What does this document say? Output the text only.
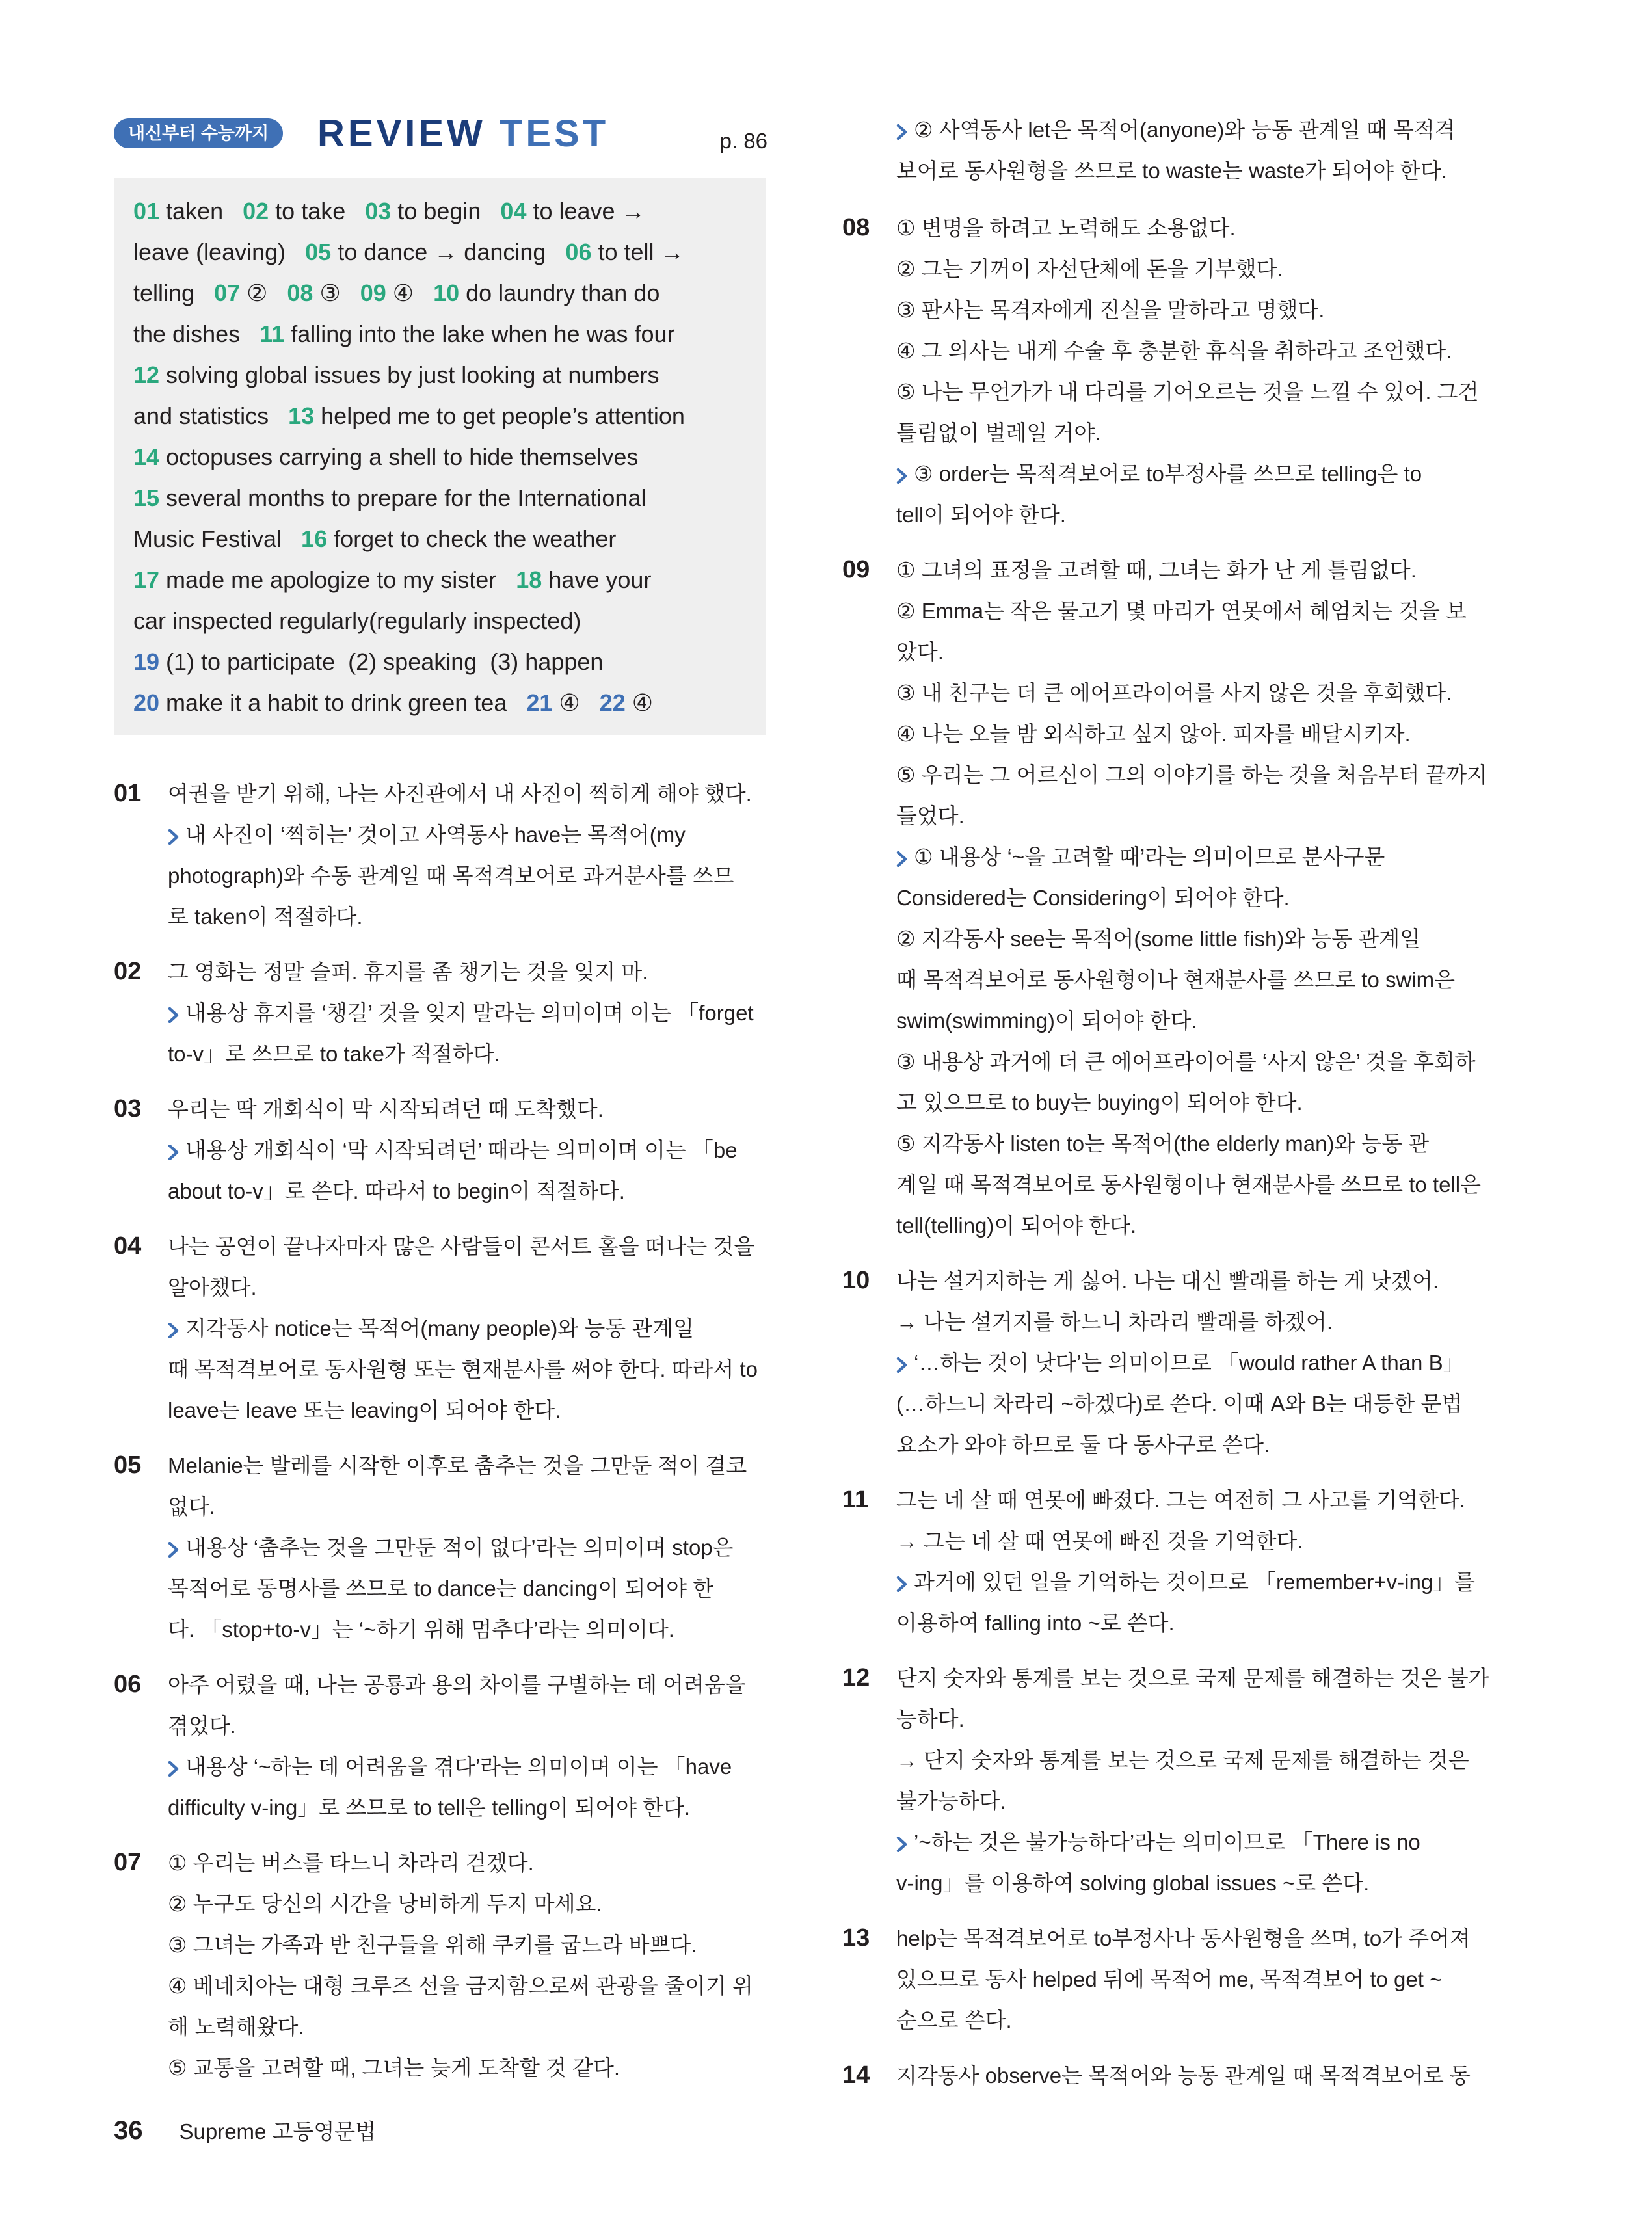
내신부터 수능까지	REVIEW TEST	p. 86

01 taken   02 to take   03 to begin   04 to leave →

leave (leaving)   05 to dance → dancing   06 to tell →

telling   07 ②   08 ③   09 ④   10 do laundry than do

the dishes   11 falling into the lake when he was four

12 solving global issues by just looking at numbers

and statistics   13 helped me to get people’s attention

14 octopuses carrying a shell to hide themselves

15 several months to prepare for the International

Music Festival   16 forget to check the weather

17 made me apologize to my sister   18 have your

car inspected regularly(regularly inspected)

19 (1) to participate  (2) speaking  (3) happen

20 make it a habit to drink green tea   21 ④   22 ④

01 여권을 받기 위해, 나는 사진관에서 내 사진이 찍히게 해야 했다.

내 사진이 ‘찍히는’ 것이고 사역동사 have는 목적어(my

photograph)와 수동 관계일 때 목적격보어로 과거분사를 쓰므

로 taken이 적절하다.

02 그 영화는 정말 슬퍼. 휴지를 좀 챙기는 것을 잊지 마.

내용상 휴지를 ‘챙길’ 것을 잊지 말라는 의미이며 이는 「forget

to-v」로 쓰므로 to take가 적절하다.

03 우리는 딱 개회식이 막 시작되려던 때 도착했다.

내용상 개회식이 ‘막 시작되려던’ 때라는 의미이며 이는 「be

about to-v」로 쓴다. 따라서 to begin이 적절하다.

04 나는 공연이 끝나자마자 많은 사람들이 콘서트 홀을 떠나는 것을

알아챘다.

지각동사 notice는 목적어(many people)와 능동 관계일

때 목적격보어로 동사원형 또는 현재분사를 써야 한다. 따라서 to

leave는 leave 또는 leaving이 되어야 한다.

05 Melanie는 발레를 시작한 이후로 춤추는 것을 그만둔 적이 결코

없다.

내용상 ‘춤추는 것을 그만둔 적이 없다’라는 의미이며 stop은

목적어로 동명사를 쓰므로 to dance는 dancing이 되어야 한

다. 「stop+to-v」는 ‘~하기 위해 멈추다’라는 의미이다.

06 아주 어렸을 때, 나는 공룡과 용의 차이를 구별하는 데 어려움을

겪었다.

내용상 ‘~하는 데 어려움을 겪다’라는 의미이며 이는 「have

difficulty v-ing」로 쓰므로 to tell은 telling이 되어야 한다.

07 ① 우리는 버스를 타느니 차라리 걷겠다.

② 누구도 당신의 시간을 낭비하게 두지 마세요.

③ 그녀는 가족과 반 친구들을 위해 쿠키를 굽느라 바쁘다.

④ 베네치아는 대형 크루즈 선을 금지함으로써 관광을 줄이기 위

해 노력해왔다.

⑤ 교통을 고려할 때, 그녀는 늦게 도착할 것 같다.

② 사역동사 let은 목적어(anyone)와 능동 관계일 때 목적격

보어로 동사원형을 쓰므로 to waste는 waste가 되어야 한다.

08 ① 변명을 하려고 노력해도 소용없다.

② 그는 기꺼이 자선단체에 돈을 기부했다.

③ 판사는 목격자에게 진실을 말하라고 명했다.

④ 그 의사는 내게 수술 후 충분한 휴식을 취하라고 조언했다.

⑤ 나는 무언가가 내 다리를 기어오르는 것을 느낄 수 있어. 그건

틀림없이 벌레일 거야.

③ order는 목적격보어로 to부정사를 쓰므로 telling은 to

tell이 되어야 한다.

09 ① 그녀의 표정을 고려할 때, 그녀는 화가 난 게 틀림없다.

② Emma는 작은 물고기 몇 마리가 연못에서 헤엄치는 것을 보

았다.

③ 내 친구는 더 큰 에어프라이어를 사지 않은 것을 후회했다.

④ 나는 오늘 밤 외식하고 싶지 않아. 피자를 배달시키자.

⑤ 우리는 그 어르신이 그의 이야기를 하는 것을 처음부터 끝까지

들었다.

① 내용상 ‘~을 고려할 때’라는 의미이므로 분사구문

Considered는 Considering이 되어야 한다.

② 지각동사 see는 목적어(some little fish)와 능동 관계일

때 목적격보어로 동사원형이나 현재분사를 쓰므로 to swim은

swim(swimming)이 되어야 한다.

③ 내용상 과거에 더 큰 에어프라이어를 ‘사지 않은’ 것을 후회하

고 있으므로 to buy는 buying이 되어야 한다.

⑤ 지각동사 listen to는 목적어(the elderly man)와 능동 관

계일 때 목적격보어로 동사원형이나 현재분사를 쓰므로 to tell은

tell(telling)이 되어야 한다.

10 나는 설거지하는 게 싫어. 나는 대신 빨래를 하는 게 낫겠어.

→ 나는 설거지를 하느니 차라리 빨래를 하겠어.

‘…하는 것이 낫다’는 의미이므로 「would rather A than B」

(…하느니 차라리 ~하겠다)로 쓴다. 이때 A와 B는 대등한 문법

요소가 와야 하므로 둘 다 동사구로 쓴다.

11 그는 네 살 때 연못에 빠졌다. 그는 여전히 그 사고를 기억한다.

→ 그는 네 살 때 연못에 빠진 것을 기억한다.

과거에 있던 일을 기억하는 것이므로 「remember+v-ing」를

이용하여 falling into ~로 쓴다.

12 단지 숫자와 통계를 보는 것으로 국제 문제를 해결하는 것은 불가

능하다.

→ 단지 숫자와 통계를 보는 것으로 국제 문제를 해결하는 것은

불가능하다.

’~하는 것은 불가능하다’라는 의미이므로 「There is no

v-ing」를 이용하여 solving global issues ~로 쓴다.

13 help는 목적격보어로 to부정사나 동사원형을 쓰며, to가 주어져

있으므로 동사 helped 뒤에 목적어 me, 목적격보어 to get ~

순으로 쓴다.

14 지각동사 observe는 목적어와 능동 관계일 때 목적격보어로 동

36 Supreme 고등영문법
